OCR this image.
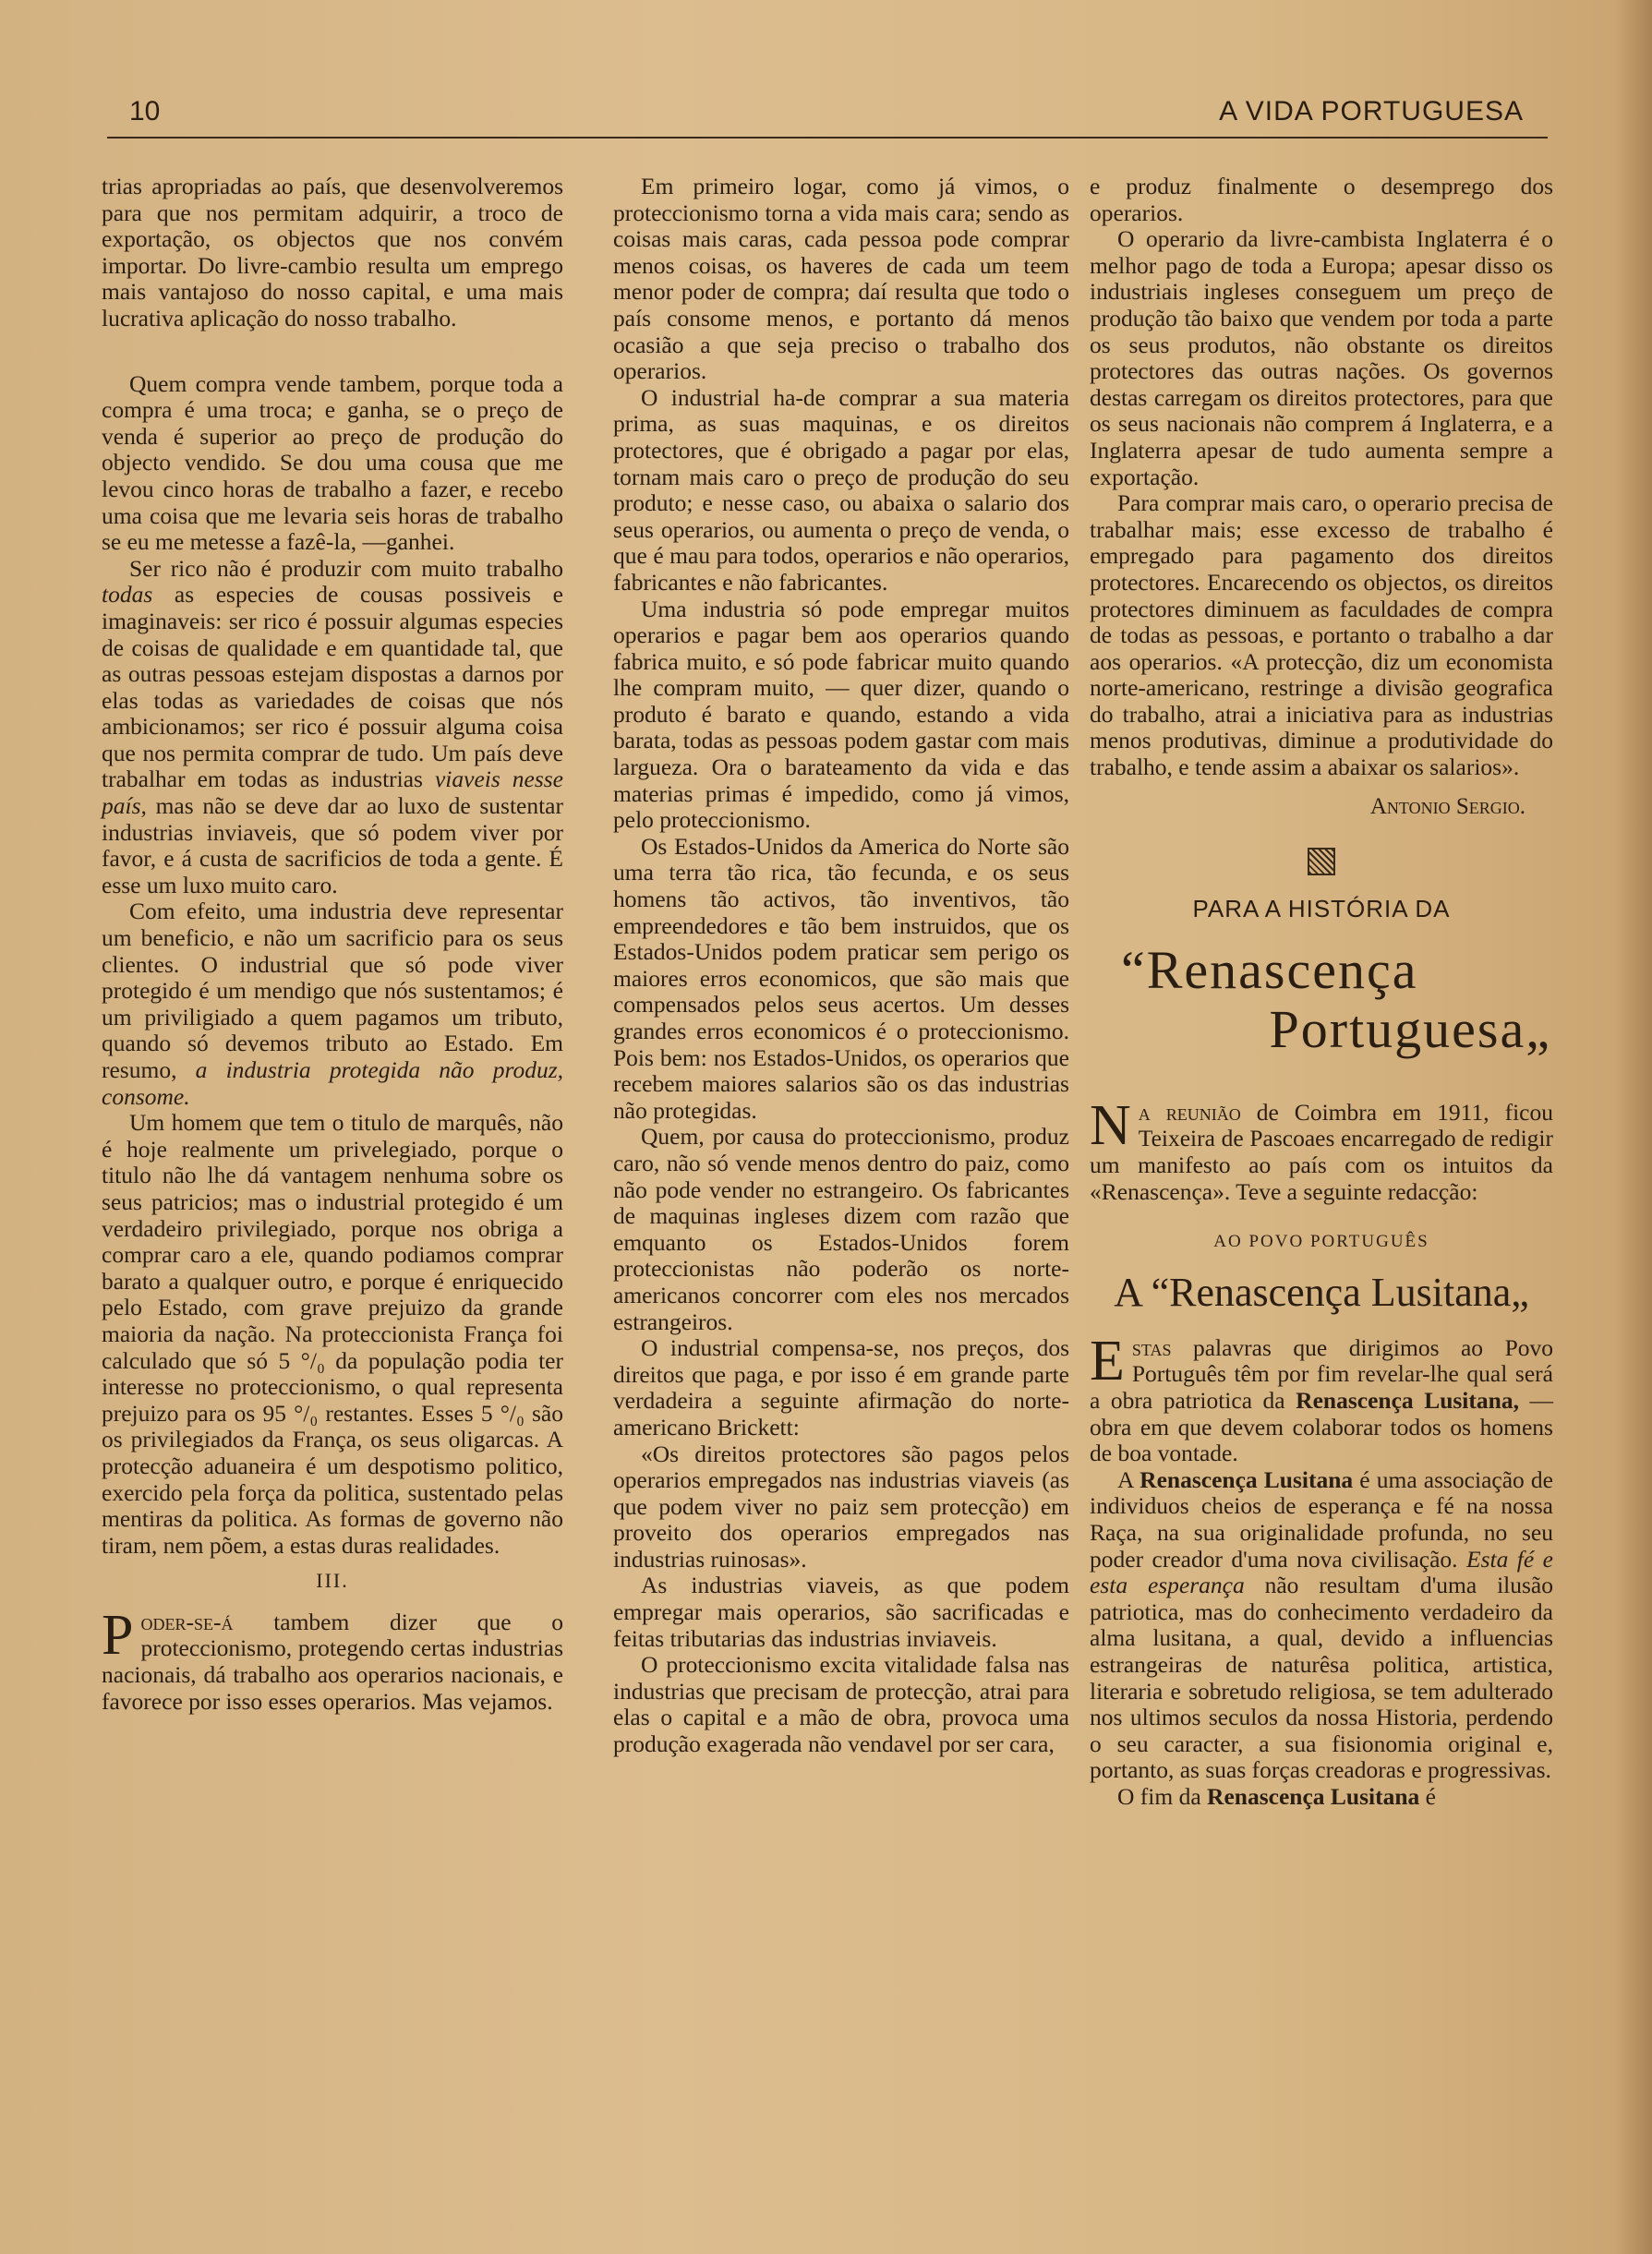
10	A VIDA PORTUGUESA

trias apropriadas ao país, que desenvolveremos para que nos permitam adquirir, a troco de exportação, os objectos que nos convém importar. Do livre-cambio resulta um emprego mais vantajoso do nosso capital, e uma mais lucrativa aplicação do nosso trabalho.

Quem compra vende tambem, porque toda a compra é uma troca; e ganha, se o preço de venda é superior ao preço de produção do objecto vendido. Se dou uma cousa que me levou cinco horas de trabalho a fazer, e recebo uma coisa que me levaria seis horas de trabalho se eu me metesse a fazê-la, —ganhei.

Ser rico não é produzir com muito trabalho todas as especies de cousas possiveis e imaginaveis: ser rico é possuir algumas especies de coisas de qualidade e em quantidade tal, que as outras pessoas estejam dispostas a darnos por elas todas as variedades de coisas que nós ambicionamos; ser rico é possuir alguma coisa que nos permita comprar de tudo. Um país deve trabalhar em todas as industrias viaveis nesse país, mas não se deve dar ao luxo de sustentar industrias inviaveis, que só podem viver por favor, e á custa de sacrificios de toda a gente. É esse um luxo muito caro.

Com efeito, uma industria deve representar um beneficio, e não um sacrificio para os seus clientes. O industrial que só pode viver protegido é um mendigo que nós sustentamos; é um priviligiado a quem pagamos um tributo, quando só devemos tributo ao Estado. Em resumo, a industria protegida não produz, consome.

Um homem que tem o titulo de marquês, não é hoje realmente um privelegiado, porque o titulo não lhe dá vantagem nenhuma sobre os seus patricios; mas o industrial protegido é um verdadeiro privilegiado, porque nos obriga a comprar caro a ele, quando podiamos comprar barato a qualquer outro, e porque é enriquecido pelo Estado, com grave prejuizo da grande maioria da nação. Na proteccionista França foi calculado que só 5 °/₀ da população podia ter interesse no proteccionismo, o qual representa prejuizo para os 95 °/₀ restantes. Esses 5 °/₀ são os privilegiados da França, os seus oligarcas. A protecção aduaneira é um despotismo politico, exercido pela força da politica, sustentado pelas mentiras da politica. As formas de governo não tiram, nem põem, a estas duras realidades.

III.

Poder-se-á tambem dizer que o proteccionismo, protegendo certas industrias nacionais, dá trabalho aos operarios nacionais, e favorece por isso esses operarios. Mas vejamos.

Em primeiro logar, como já vimos, o proteccionismo torna a vida mais cara; sendo as coisas mais caras, cada pessoa pode comprar menos coisas, os haveres de cada um teem menor poder de compra; daí resulta que todo o país consome menos, e portanto dá menos ocasião a que seja preciso o trabalho dos operarios.

O industrial ha-de comprar a sua materia prima, as suas maquinas, e os direitos protectores, que é obrigado a pagar por elas, tornam mais caro o preço de produção do seu produto; e nesse caso, ou abaixa o salario dos seus operarios, ou aumenta o preço de venda, o que é mau para todos, operarios e não operarios, fabricantes e não fabricantes.

Uma industria só pode empregar muitos operarios e pagar bem aos operarios quando fabrica muito, e só pode fabricar muito quando lhe compram muito, — quer dizer, quando o produto é barato e quando, estando a vida barata, todas as pessoas podem gastar com mais largueza. Ora o barateamento da vida e das materias primas é impedido, como já vimos, pelo proteccionismo.

Os Estados-Unidos da America do Norte são uma terra tão rica, tão fecunda, e os seus homens tão activos, tão inventivos, tão empreendedores e tão bem instruidos, que os Estados-Unidos podem praticar sem perigo os maiores erros economicos, que são mais que compensados pelos seus acertos. Um desses grandes erros economicos é o proteccionismo. Pois bem: nos Estados-Unidos, os operarios que recebem maiores salarios são os das industrias não protegidas.

Quem, por causa do proteccionismo, produz caro, não só vende menos dentro do paiz, como não pode vender no estrangeiro. Os fabricantes de maquinas ingleses dizem com razão que emquanto os Estados-Unidos forem proteccionistas não poderão os norte-americanos concorrer com eles nos mercados estrangeiros.

O industrial compensa-se, nos preços, dos direitos que paga, e por isso é em grande parte verdadeira a seguinte afirmação do norte-americano Brickett:

«Os direitos protectores são pagos pelos operarios empregados nas industrias viaveis (as que podem viver no paiz sem protecção) em proveito dos operarios empregados nas industrias ruinosas».

As industrias viaveis, as que podem empregar mais operarios, são sacrificadas e feitas tributarias das industrias inviaveis.

O proteccionismo excita vitalidade falsa nas industrias que precisam de protecção, atrai para elas o capital e a mão de obra, provoca uma produção exagerada não vendavel por ser cara,

e produz finalmente o desemprego dos operarios.

O operario da livre-cambista Inglaterra é o melhor pago de toda a Europa; apesar disso os industriais ingleses conseguem um preço de produção tão baixo que vendem por toda a parte os seus produtos, não obstante os direitos protectores das outras nações. Os governos destas carregam os direitos protectores, para que os seus nacionais não comprem á Inglaterra, e a Inglaterra apesar de tudo aumenta sempre a exportação.

Para comprar mais caro, o operario precisa de trabalhar mais; esse excesso de trabalho é empregado para pagamento dos direitos protectores. Encarecendo os objectos, os direitos protectores diminuem as faculdades de compra de todas as pessoas, e portanto o trabalho a dar aos operarios. «A protecção, diz um economista norte-americano, restringe a divisão geografica do trabalho, atrai a iniciativa para as industrias menos produtivas, diminue a produtividade do trabalho, e tende assim a abaixar os salarios».

Antonio Sergio.
PARA A HISTÓRIA DA
“Renascença
Portuguesa„

Na reunião de Coimbra em 1911, ficou Teixeira de Pascoaes encarregado de redigir um manifesto ao país com os intuitos da «Renascença». Teve a seguinte redacção:

AO POVO PORTUGUÊS
A “Renascença Lusitana„

Estas palavras que dirigimos ao Povo Português têm por fim revelar-lhe qual será a obra patriotica da Renascença Lusitana, — obra em que devem colaborar todos os homens de boa vontade.

A Renascença Lusitana é uma associação de individuos cheios de esperança e fé na nossa Raça, na sua originalidade profunda, no seu poder creador d'uma nova civilisação. Esta fé e esta esperança não resultam d'uma ilusão patriotica, mas do conhecimento verdadeiro da alma lusitana, a qual, devido a influencias estrangeiras de naturêsa politica, artistica, literaria e sobretudo religiosa, se tem adulterado nos ultimos seculos da nossa Historia, perdendo o seu caracter, a sua fisionomia original e, portanto, as suas forças creadoras e progressivas.

O fim da Renascença Lusitana é
